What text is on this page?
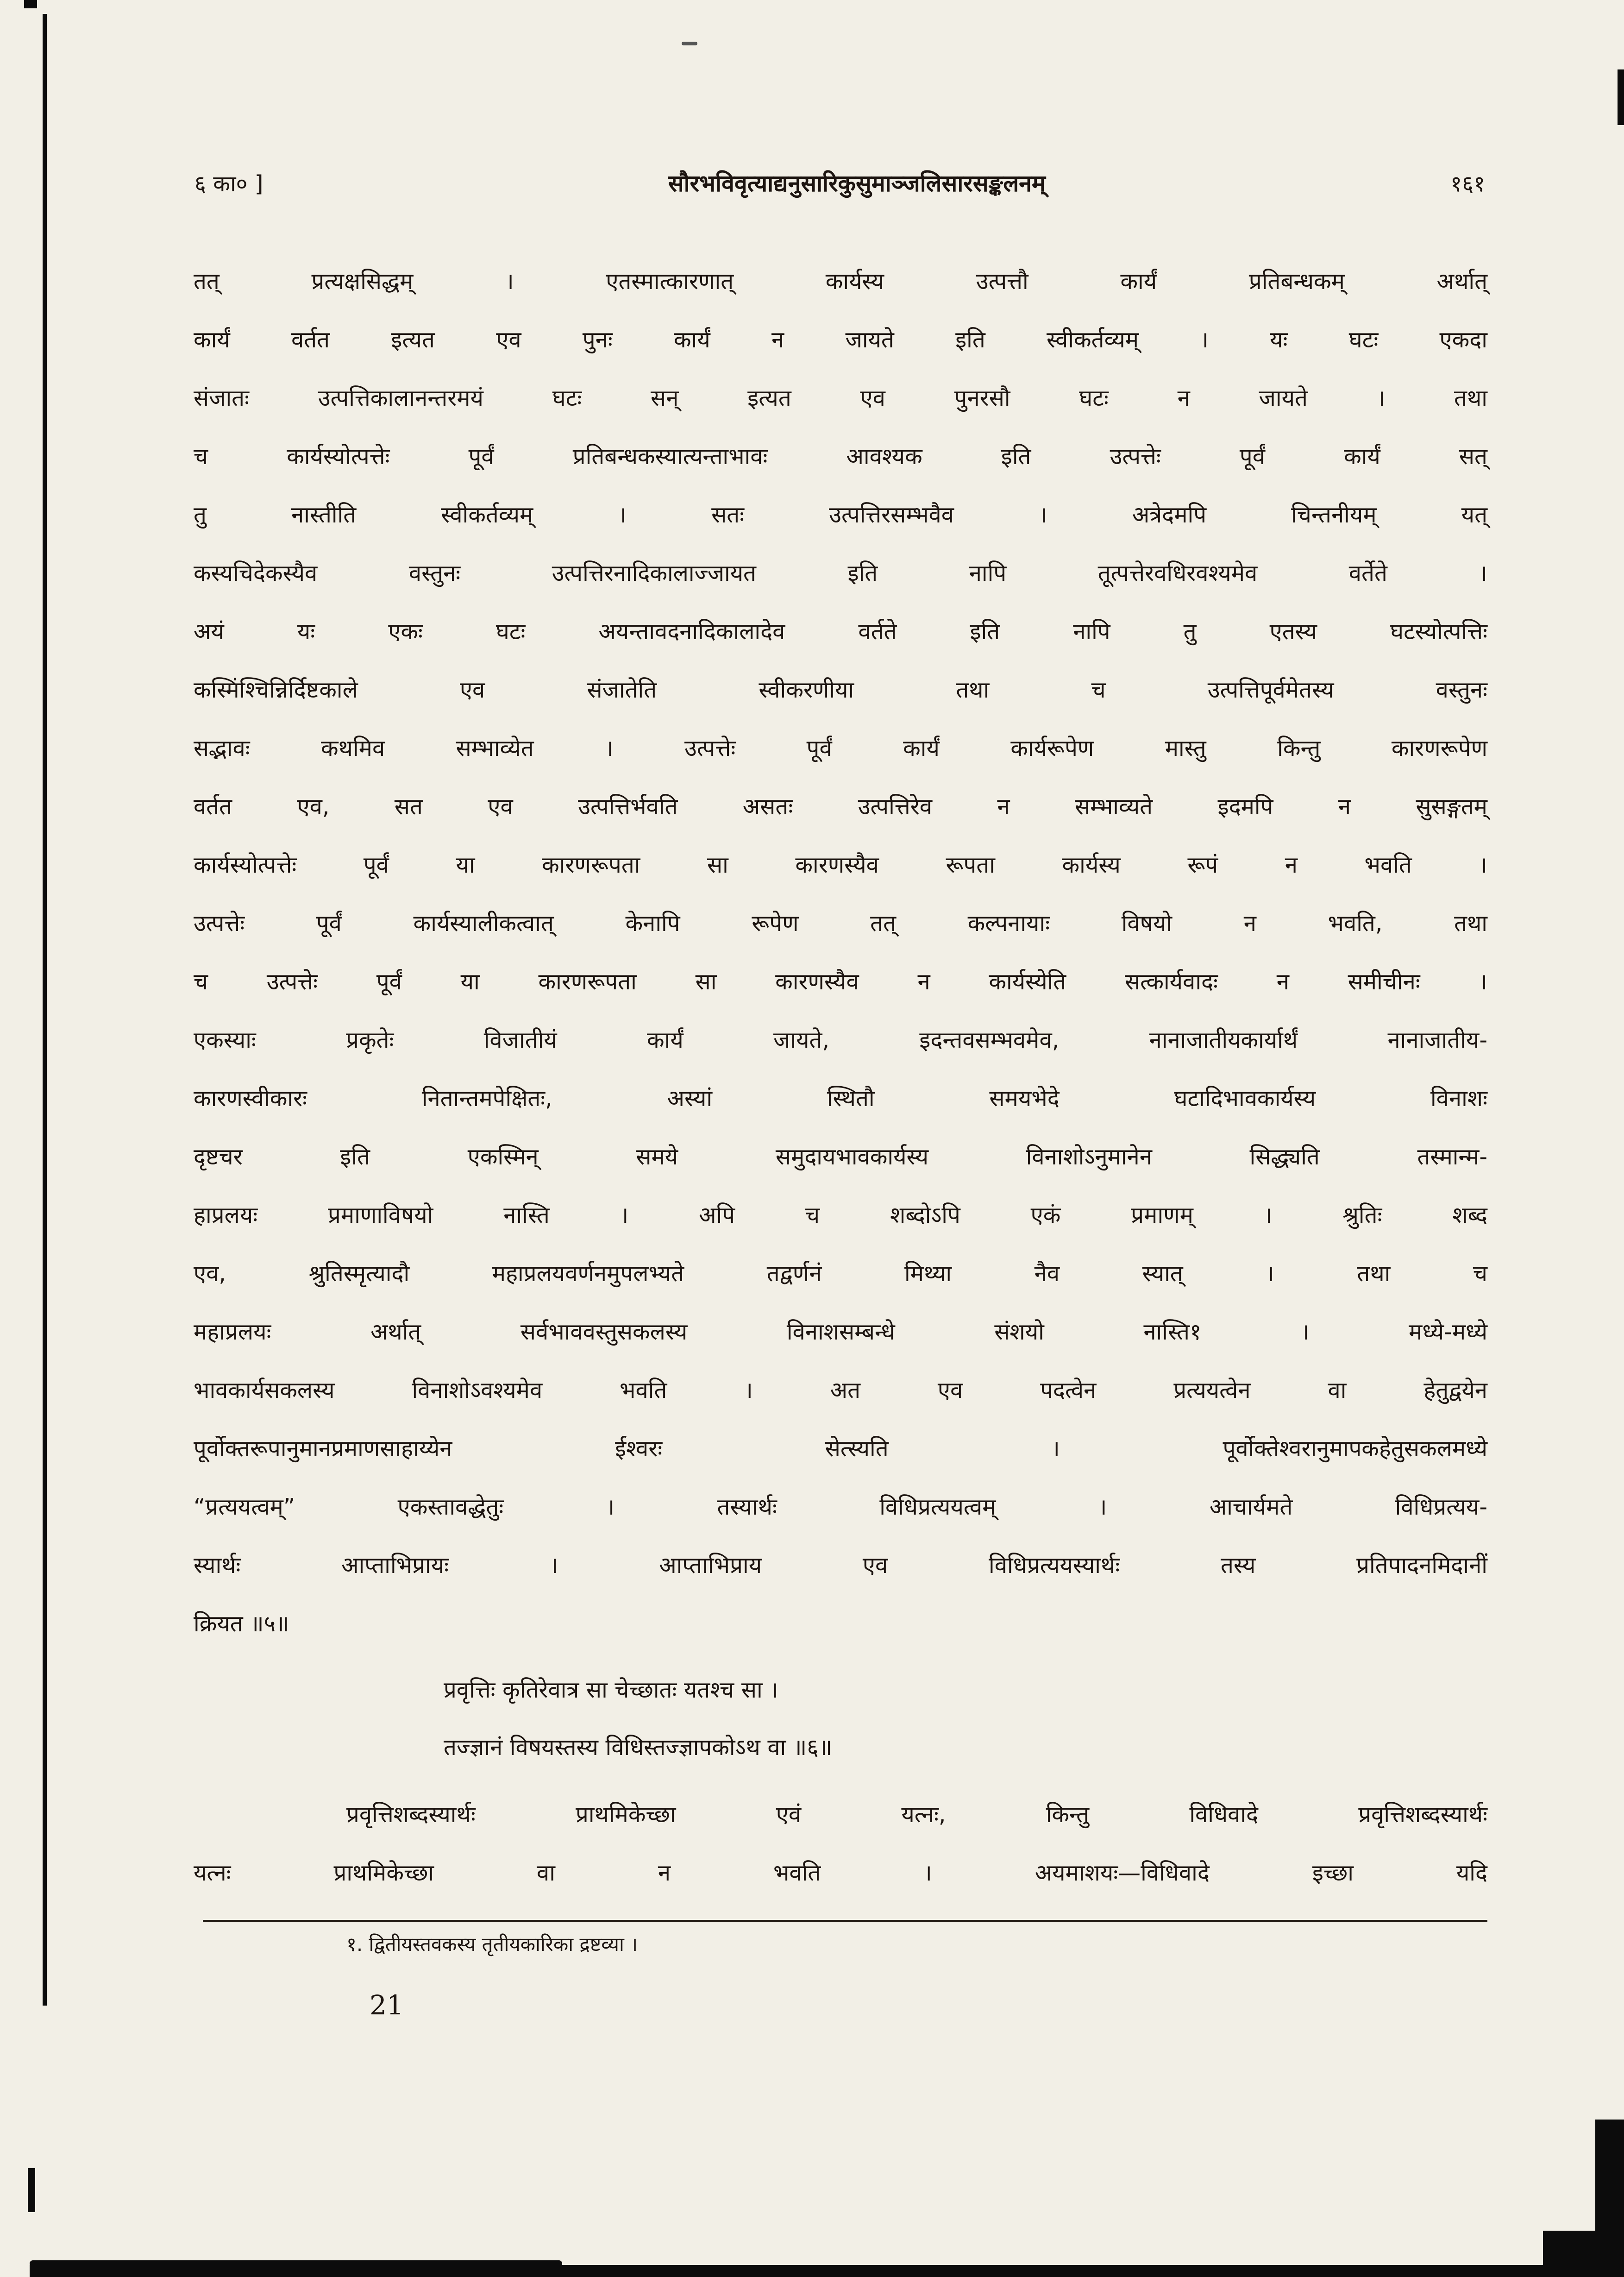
६ का० ]	सौरभविवृत्याद्यनुसारिकुसुमाञ्जलिसारसङ्कलनम्	१६१
तत् प्रत्यक्षसिद्धम् । एतस्मात्कारणात् कार्यस्य उत्पत्तौ कार्यं प्रतिबन्धकम् अर्थात्
कार्यं वर्तत इत्यत एव पुनः कार्यं न जायते इति स्वीकर्तव्यम् । यः घटः एकदा
संजातः उत्पत्तिकालानन्तरमयं घटः सन् इत्यत एव पुनरसौ घटः न जायते । तथा
च कार्यस्योत्पत्तेः पूर्वं प्रतिबन्धकस्यात्यन्ताभावः आवश्यक इति उत्पत्तेः पूर्वं कार्यं सत्
तु नास्तीति स्वीकर्तव्यम् । सतः उत्पत्तिरसम्भवैव । अत्रेदमपि चिन्तनीयम् यत्
कस्यचिदेकस्यैव वस्तुनः उत्पत्तिरनादिकालाज्जायत इति नापि तूत्पत्तेरवधिरवश्यमेव वर्तेते ।
अयं यः एकः घटः अयन्तावदनादिकालादेव वर्तते इति नापि तु एतस्य घटस्योत्पत्तिः
कस्मिंश्चिन्निर्दिष्टकाले एव संजातेति स्वीकरणीया तथा च उत्पत्तिपूर्वमेतस्य वस्तुनः
सद्भावः कथमिव सम्भाव्येत । उत्पत्तेः पूर्वं कार्यं कार्यरूपेण मास्तु किन्तु कारणरूपेण
वर्तत एव, सत एव उत्पत्तिर्भवति असतः उत्पत्तिरेव न सम्भाव्यते इदमपि न सुसङ्गतम्
कार्यस्योत्पत्तेः पूर्वं या कारणरूपता सा कारणस्यैव रूपता कार्यस्य रूपं न भवति ।
उत्पत्तेः पूर्वं कार्यस्यालीकत्वात् केनापि रूपेण तत् कल्पनायाः विषयो न भवति, तथा
च उत्पत्तेः पूर्वं या कारणरूपता सा कारणस्यैव न कार्यस्येति सत्कार्यवादः न समीचीनः ।
एकस्याः प्रकृतेः विजातीयं कार्यं जायते, इदन्तवसम्भवमेव, नानाजातीयकार्यार्थं नानाजातीय-
कारणस्वीकारः नितान्तमपेक्षितः, अस्यां स्थितौ समयभेदे घटादिभावकार्यस्य विनाशः
दृष्टचर इति एकस्मिन् समये समुदायभावकार्यस्य विनाशोऽनुमानेन सिद्ध्यति तस्मान्म-
हाप्रलयः प्रमाणाविषयो नास्ति । अपि च शब्दोऽपि एकं प्रमाणम् । श्रुतिः शब्द
एव, श्रुतिस्मृत्यादौ महाप्रलयवर्णनमुपलभ्यते तद्वर्णनं मिथ्या नैव स्यात् । तथा च
महाप्रलयः अर्थात् सर्वभाववस्तुसकलस्य विनाशसम्बन्धे संशयो नास्ति१ । मध्ये-मध्ये
भावकार्यसकलस्य विनाशोऽवश्यमेव भवति । अत एव पदत्वेन प्रत्ययत्वेन वा हेतुद्वयेन
पूर्वोक्तरूपानुमानप्रमाणसाहाय्येन ईश्वरः सेत्स्यति । पूर्वोक्तेश्वरानुमापकहेतुसकलमध्ये
“प्रत्ययत्वम्” एकस्तावद्धेतुः । तस्यार्थः विधिप्रत्ययत्वम् । आचार्यमते विधिप्रत्यय-
स्यार्थः आप्ताभिप्रायः । आप्ताभिप्राय एव विधिप्रत्ययस्यार्थः तस्य प्रतिपादनमिदानीं
क्रियत ॥५॥
प्रवृत्तिः कृतिरेवात्र सा चेच्छातः यतश्च सा ।
तज्ज्ञानं विषयस्तस्य विधिस्तज्ज्ञापकोऽथ वा ॥६॥
प्रवृत्तिशब्दस्यार्थः प्राथमिकेच्छा एवं यत्नः, किन्तु विधिवादे प्रवृत्तिशब्दस्यार्थः
यत्नः प्राथमिकेच्छा वा न भवति । अयमाशयः—विधिवादे इच्छा यदि
१. द्वितीयस्तवकस्य तृतीयकारिका द्रष्टव्या ।
21
